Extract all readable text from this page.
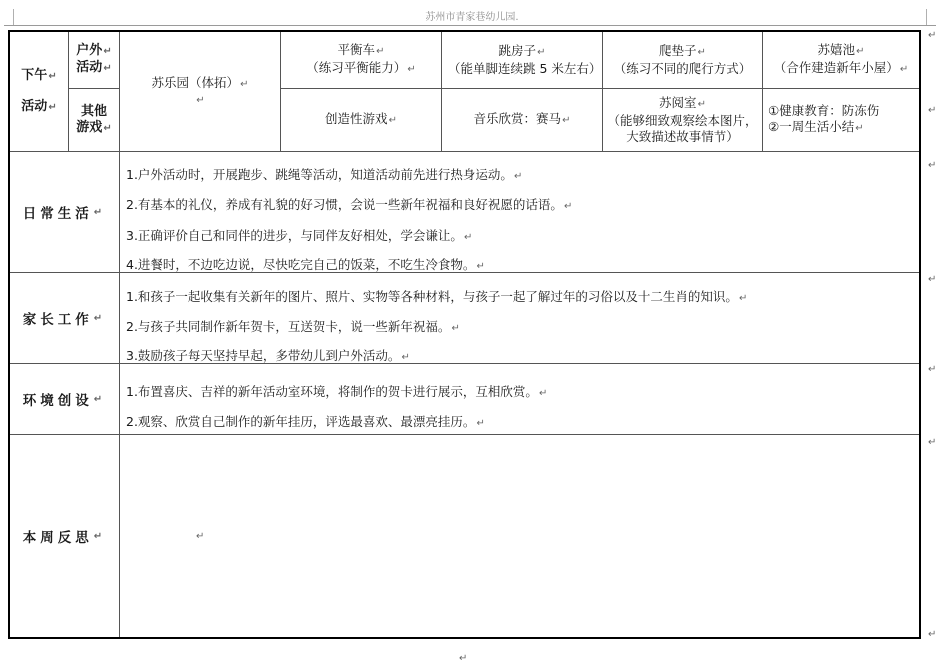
苏州市青家巷幼儿园.
下午↵
活动↵
户外↵
活动↵
其他
游戏↵
苏乐园（体拓）↵
↵
平衡车↵
（练习平衡能力）↵
跳房子↵
（能单脚连续跳 5 米左右）
爬垫子↵
（练习不同的爬行方式）
苏嬉池↵
（合作建造新年小屋）↵
创造性游戏↵	音乐欣赏：赛马↵
苏阅室↵
（能够细致观察绘本图片，大致描述故事情节）
①健康教育：防冻伤
②一周生活小结↵
日常生活 ↵
1.户外活动时，开展跑步、跳绳等活动，知道活动前先进行热身运动。↵
2.有基本的礼仪，养成有礼貌的好习惯，会说一些新年祝福和良好祝愿的话语。↵
3.正确评价自己和同伴的进步，与同伴友好相处，学会谦让。↵
4.进餐时，不边吃边说，尽快吃完自己的饭菜，不吃生冷食物。↵
家长工作 ↵
1.和孩子一起收集有关新年的图片、照片、实物等各种材料，与孩子一起了解过年的习俗以及十二生肖的知识。↵
2.与孩子共同制作新年贺卡，互送贺卡，说一些新年祝福。↵
3.鼓励孩子每天坚持早起，多带幼儿到户外活动。↵
环境创设 ↵ 1.布置喜庆、吉祥的新年活动室环境，将制作的贺卡进行展示，互相欣赏。↵
2.观察、欣赏自己制作的新年挂历，评选最喜欢、最漂亮挂历。↵
本周反思 ↵	↵
↵
↵
↵
↵
↵
↵
↵
↵
